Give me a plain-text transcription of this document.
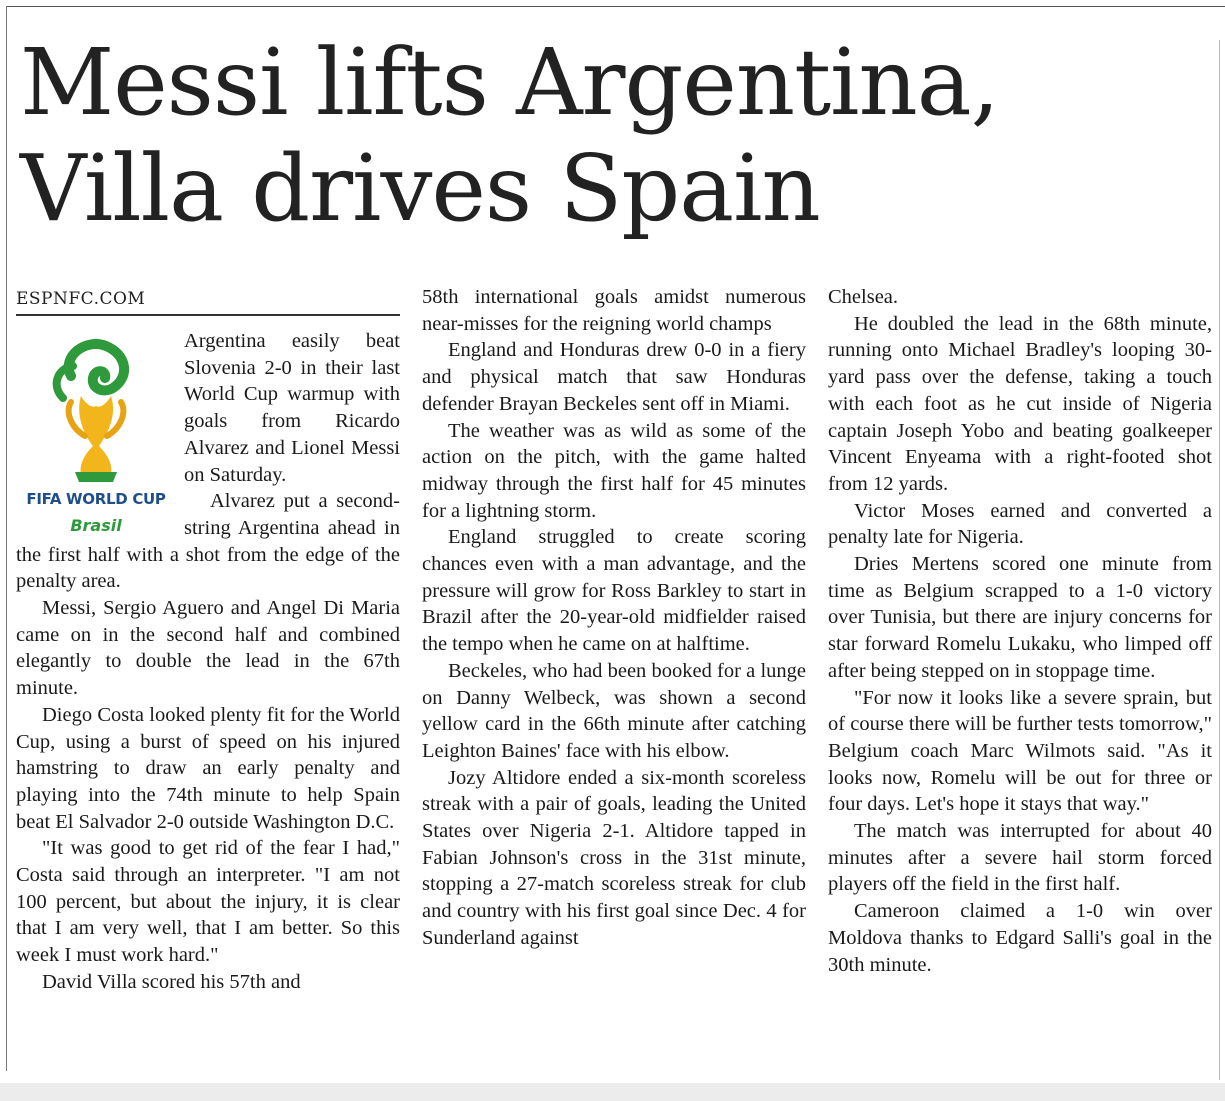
Messi lifts Argentina,
Villa drives Spain
ESPNFC.COM
FIFA WORLD CUP
Brasil

Argentina easily beat Slovenia 2-0 in their last World Cup warmup with goals from Ricardo Alvarez and Lionel Messi on Saturday.

Alvarez put a second-string Argentina ahead in the first half with a shot from the edge of the penalty area.

Messi, Sergio Aguero and Angel Di Maria came on in the second half and combined elegantly to double the lead in the 67th minute.

Diego Costa looked plenty fit for the World Cup, using a burst of speed on his injured hamstring to draw an early penalty and playing into the 74th minute to help Spain beat El Salvador 2-0 outside Washington D.C.

"It was good to get rid of the fear I had," Costa said through an interpreter. "I am not 100 percent, but about the injury, it is clear that I am very well, that I am better. So this week I must work hard."

David Villa scored his 57th and

58th international goals amidst numerous near-misses for the reigning world champs

England and Honduras drew 0-0 in a fiery and physical match that saw Honduras defender Brayan Beckeles sent off in Miami.

The weather was as wild as some of the action on the pitch, with the game halted midway through the first half for 45 minutes for a lightning storm.

England struggled to create scoring chances even with a man advantage, and the pressure will grow for Ross Barkley to start in Brazil after the 20-year-old midfielder raised the tempo when he came on at halftime.

Beckeles, who had been booked for a lunge on Danny Welbeck, was shown a second yellow card in the 66th minute after catching Leighton Baines' face with his elbow.

Jozy Altidore ended a six-month scoreless streak with a pair of goals, leading the United States over Nigeria 2-1. Altidore tapped in Fabian Johnson's cross in the 31st minute, stopping a 27-match scoreless streak for club and country with his first goal since Dec. 4 for Sunderland against

Chelsea.

He doubled the lead in the 68th minute, running onto Michael Bradley's looping 30-yard pass over the defense, taking a touch with each foot as he cut inside of Nigeria captain Joseph Yobo and beating goalkeeper Vincent Enyeama with a right-footed shot from 12 yards.

Victor Moses earned and converted a penalty late for Nigeria.

Dries Mertens scored one minute from time as Belgium scrapped to a 1-0 victory over Tunisia, but there are injury concerns for star forward Romelu Lukaku, who limped off after being stepped on in stoppage time.

"For now it looks like a severe sprain, but of course there will be further tests tomorrow," Belgium coach Marc Wilmots said. "As it looks now, Romelu will be out for three or four days. Let's hope it stays that way."

The match was interrupted for about 40 minutes after a severe hail storm forced players off the field in the first half.

Cameroon claimed a 1-0 win over Moldova thanks to Edgard Salli's goal in the 30th minute.
